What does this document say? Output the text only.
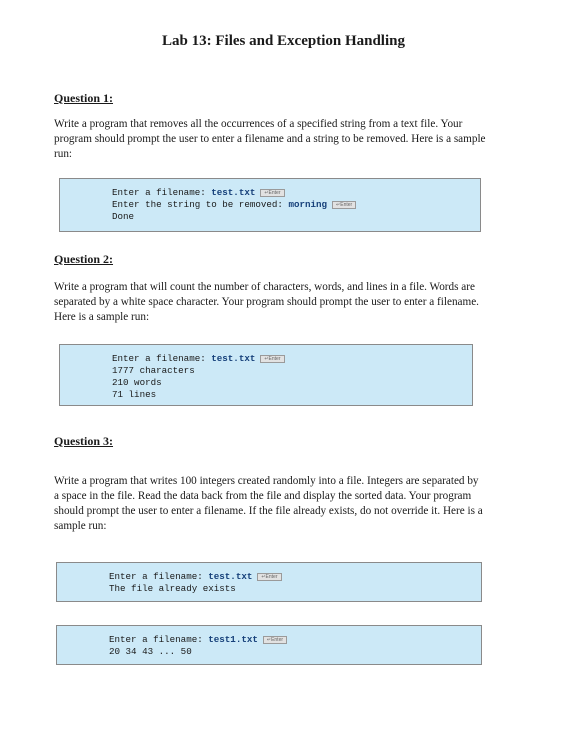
Lab 13: Files and Exception Handling

Question 1:

Write a program that removes all the occurrences of a specified string from a text file. Your program should prompt the user to enter a filename and a string to be removed. Here is a sample run:

Enter a filename: test.txt ↵Enter
Enter the string to be removed: morning ↵Enter
Done

Question 2:

Write a program that will count the number of characters, words, and lines in a file. Words are separated by a white space character. Your program should prompt the user to enter a filename. Here is a sample run:

Enter a filename: test.txt ↵Enter
1777 characters
210 words
71 lines

Question 3:

Write a program that writes 100 integers created randomly into a file. Integers are separated by a space in the file. Read the data back from the file and display the sorted data. Your program should prompt the user to enter a filename. If the file already exists, do not override it. Here is a sample run:

Enter a filename: test.txt ↵Enter
The file already exists
Enter a filename: test1.txt ↵Enter
20 34 43 ... 50
